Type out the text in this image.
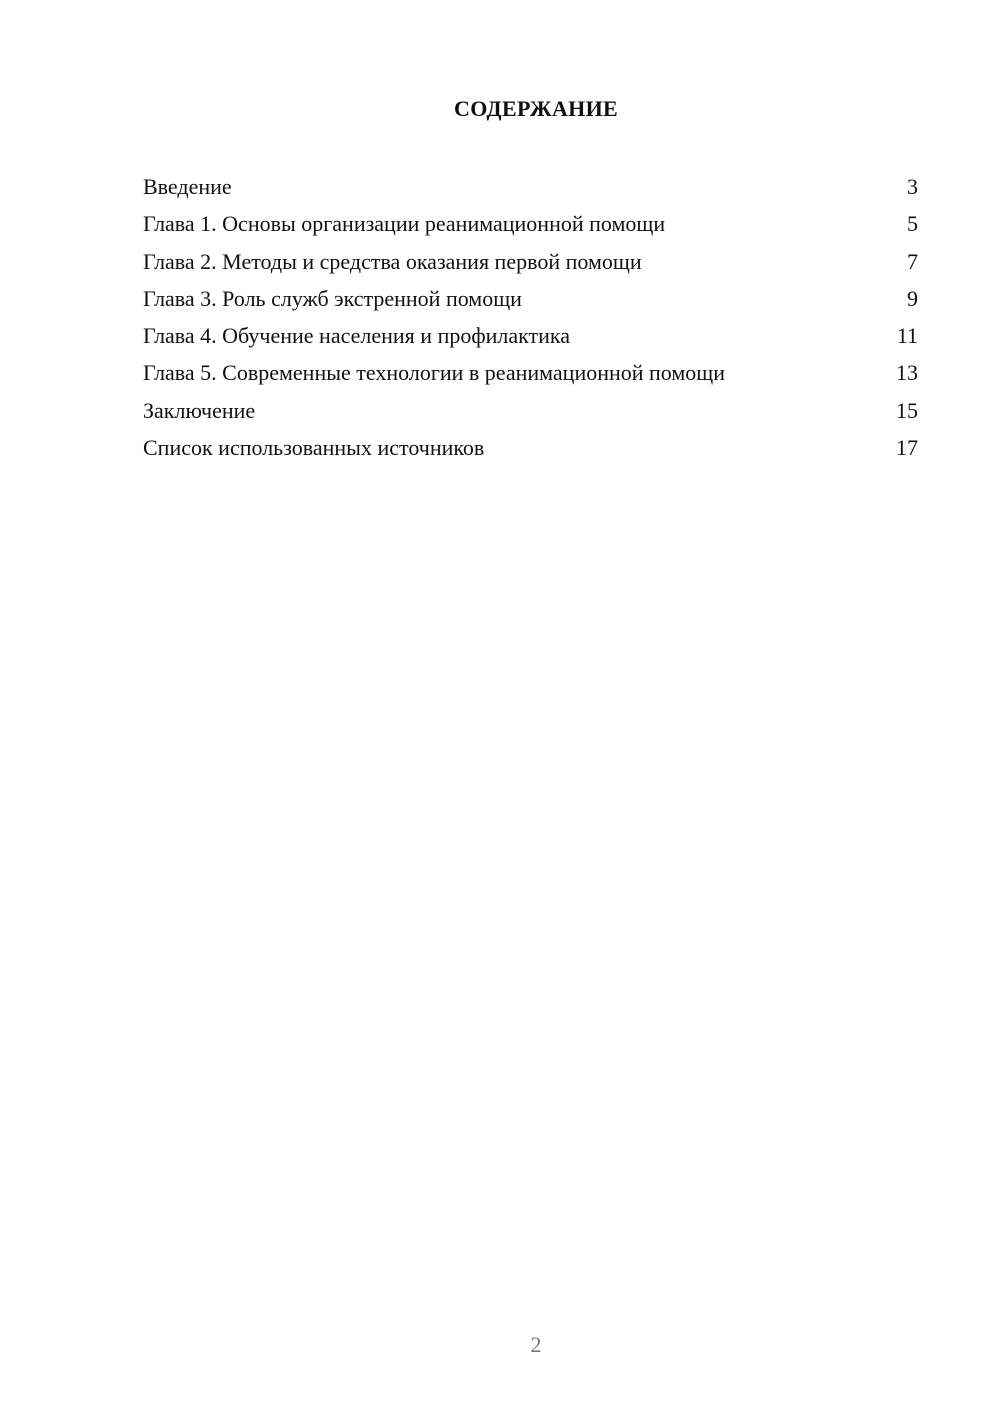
СОДЕРЖАНИЕ
Введение	3
Глава 1. Основы организации реанимационной помощи	5
Глава 2. Методы и средства оказания первой помощи	7
Глава 3. Роль служб экстренной помощи	9
Глава 4. Обучение населения и профилактика	11
Глава 5. Современные технологии в реанимационной помощи	13
Заключение	15
Список использованных источников	17
2
